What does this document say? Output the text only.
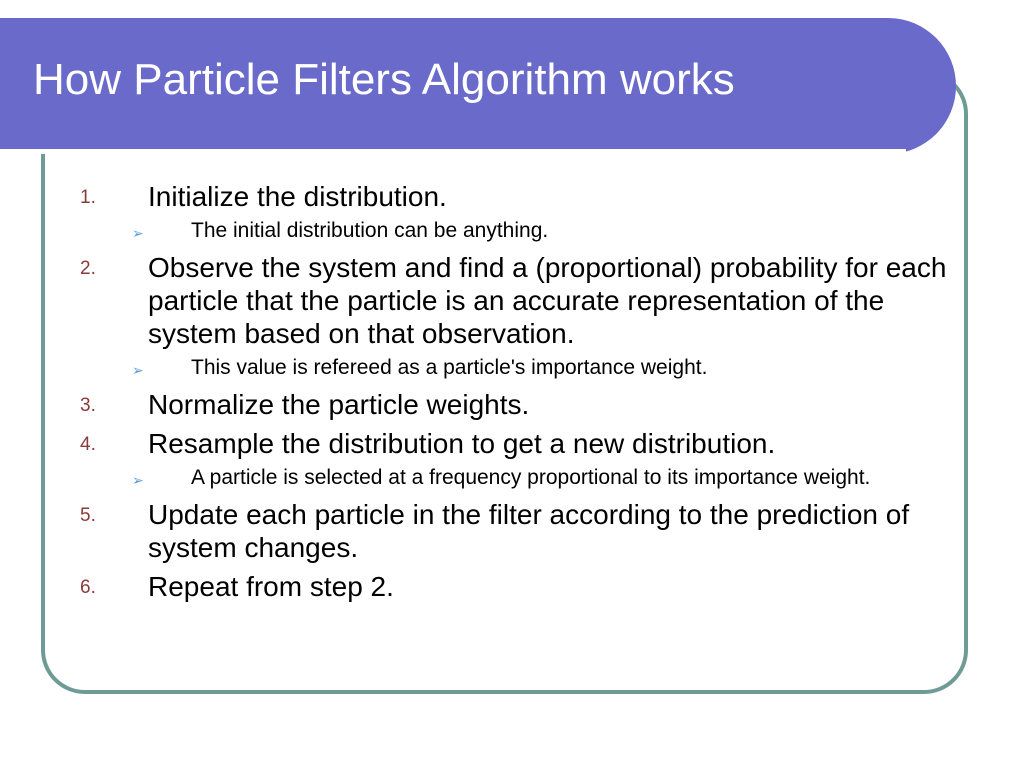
How Particle Filters Algorithm works
1. Initialize the distribution.
➢ The initial distribution can be anything.
2. Observe the system and find a (proportional) probability for each particle that the particle is an accurate representation of the system based on that observation.
➢ This value is refereed as a particle's importance weight.
3. Normalize the particle weights.
4. Resample the distribution to get a new distribution.
➢ A particle is selected at a frequency proportional to its importance weight.
5. Update each particle in the filter according to the prediction of system changes.
6. Repeat from step 2.
